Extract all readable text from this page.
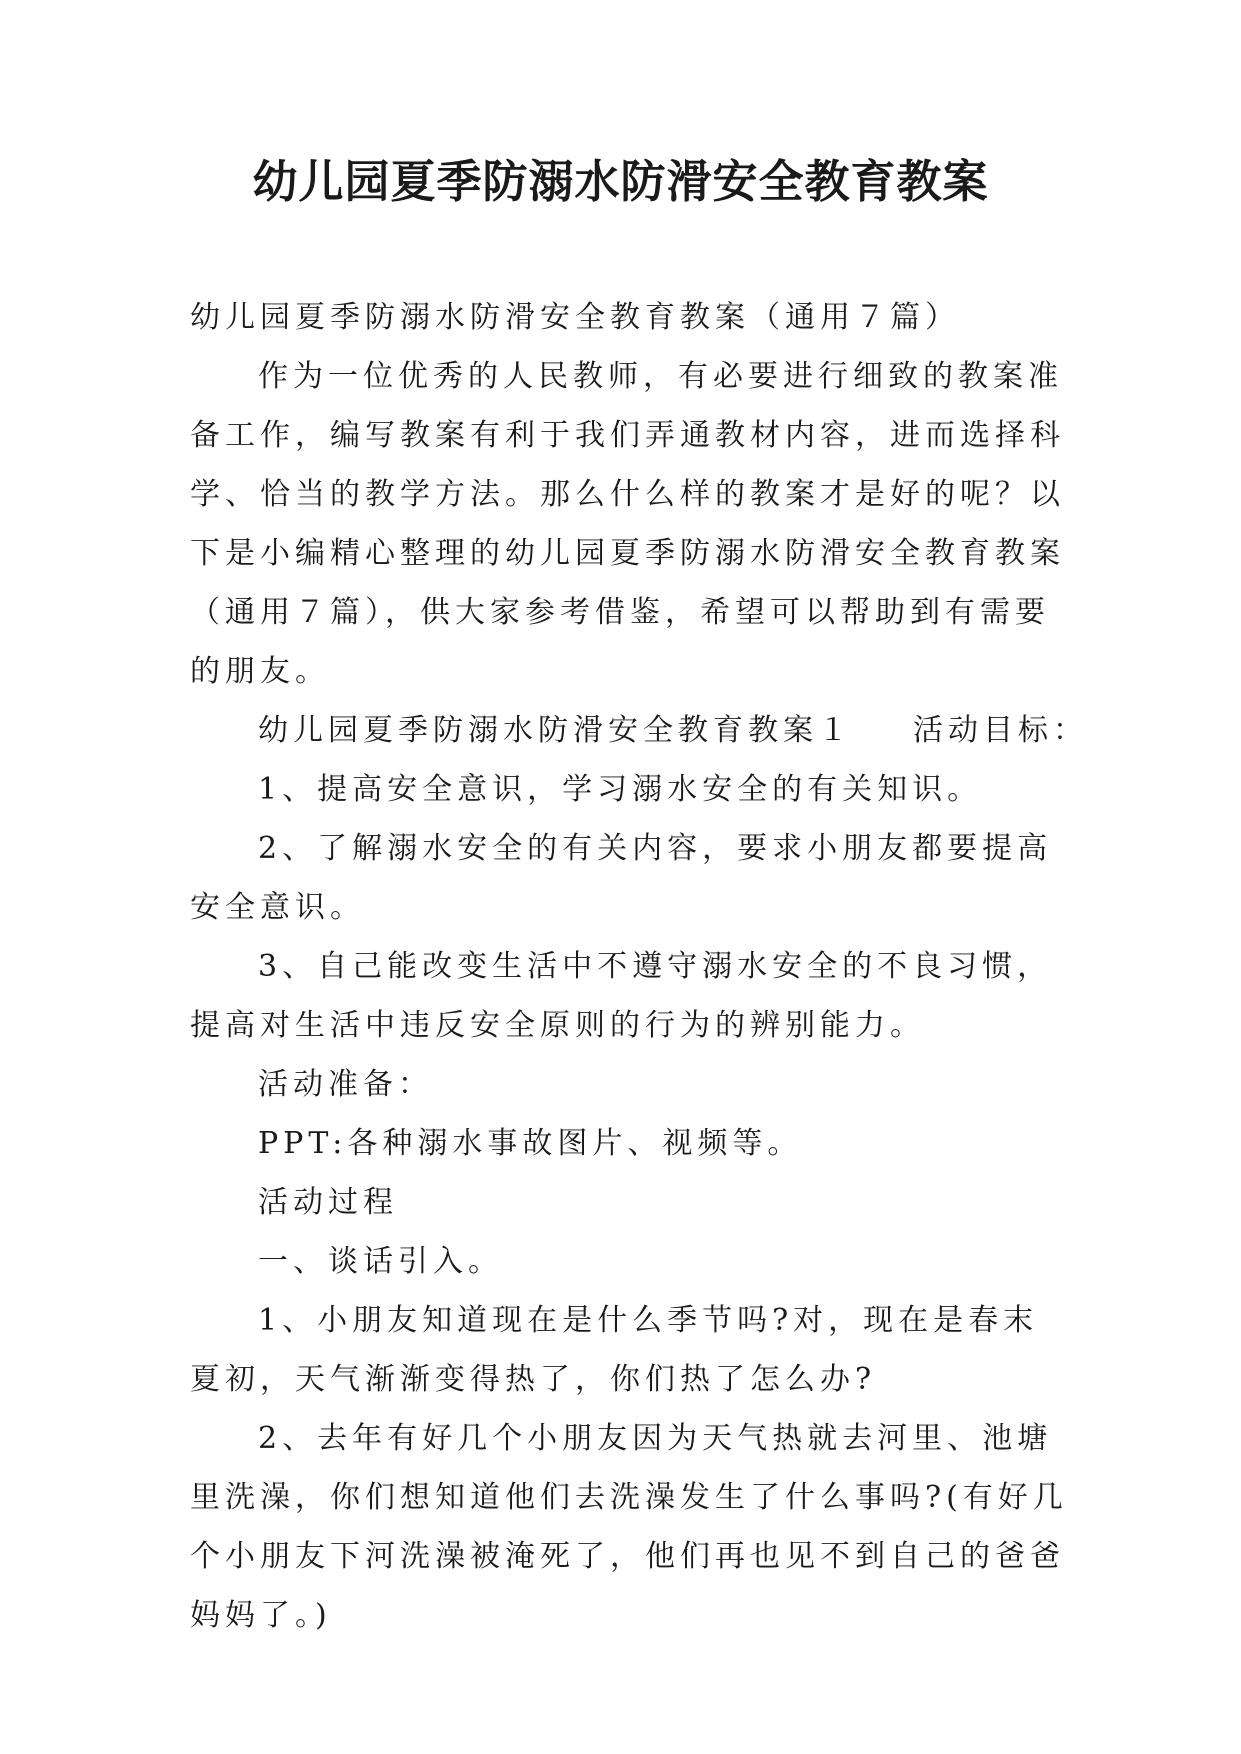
幼儿园夏季防溺水防滑安全教育教案

幼儿园夏季防溺水防滑安全教育教案（通用７篇）

作为一位优秀的人民教师，有必要进行细致的教案准备工作，编写教案有利于我们弄通教材内容，进而选择科学、恰当的教学方法。那么什么样的教案才是好的呢？以下是小编精心整理的幼儿园夏季防溺水防滑安全教育教案（通用７篇），供大家参考借鉴，希望可以帮助到有需要的朋友。

幼儿园夏季防溺水防滑安全教育教案１ 活动目标：

1、提高安全意识，学习溺水安全的有关知识。

2、了解溺水安全的有关内容，要求小朋友都要提高安全意识。

3、自己能改变生活中不遵守溺水安全的不良习惯，提高对生活中违反安全原则的行为的辨别能力。

活动准备：

PPT:各种溺水事故图片、视频等。

活动过程

一、谈话引入。

1、小朋友知道现在是什么季节吗?对，现在是春末夏初，天气渐渐变得热了，你们热了怎么办?

2、去年有好几个小朋友因为天气热就去河里、池塘里洗澡，你们想知道他们去洗澡发生了什么事吗?(有好几个小朋友下河洗澡被淹死了，他们再也见不到自己的爸爸妈妈了。)
